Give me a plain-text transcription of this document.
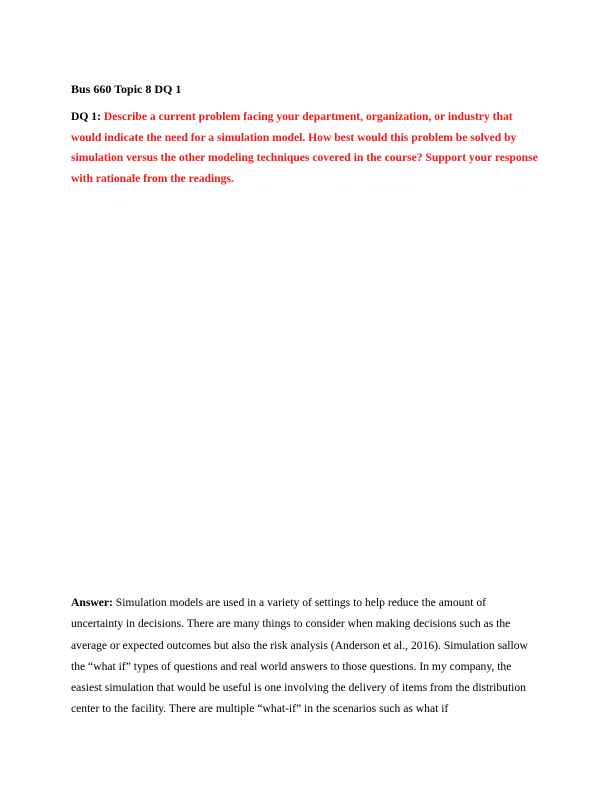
Bus 660 Topic 8 DQ 1
DQ 1: Describe a current problem facing your department, organization, or industry that would indicate the need for a simulation model. How best would this problem be solved by simulation versus the other modeling techniques covered in the course? Support your response with rationale from the readings.
Answer: Simulation models are used in a variety of settings to help reduce the amount of uncertainty in decisions. There are many things to consider when making decisions such as the average or expected outcomes but also the risk analysis (Anderson et al., 2016). Simulation sallow the “what if” types of questions and real world answers to those questions. In my company, the easiest simulation that would be useful is one involving the delivery of items from the distribution center to the facility. There are multiple “what-if” in the scenarios such as what if
